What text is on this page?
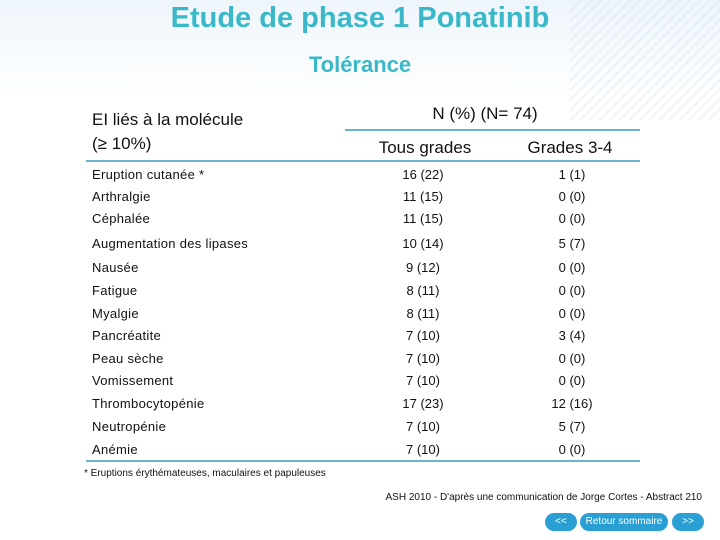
Etude de phase 1 Ponatinib
Tolérance
EI liés à la molécule
(≥ 10%)
N (%) (N= 74)
Tous grades	Grades 3-4
Eruption cutanée *	16 (22)	1 (1)
Arthralgie	11 (15)	0 (0)
Céphalée	11 (15)	0 (0)
Augmentation des lipases	10 (14)	5 (7)
Nausée	9 (12)	0 (0)
Fatigue	8 (11)	0 (0)
Myalgie	8 (11)	0 (0)
Pancréatite	7 (10)	3 (4)
Peau sèche	7 (10)	0 (0)
Vomissement	7 (10)	0 (0)
Thrombocytopénie	17 (23)	12 (16)
Neutropénie	7 (10)	5 (7)
Anémie	7 (10)	0 (0)
* Eruptions érythémateuses, maculaires et papuleuses
ASH 2010 - D'après une communication de Jorge Cortes - Abstract 210
<<	Retour sommaire	>>
